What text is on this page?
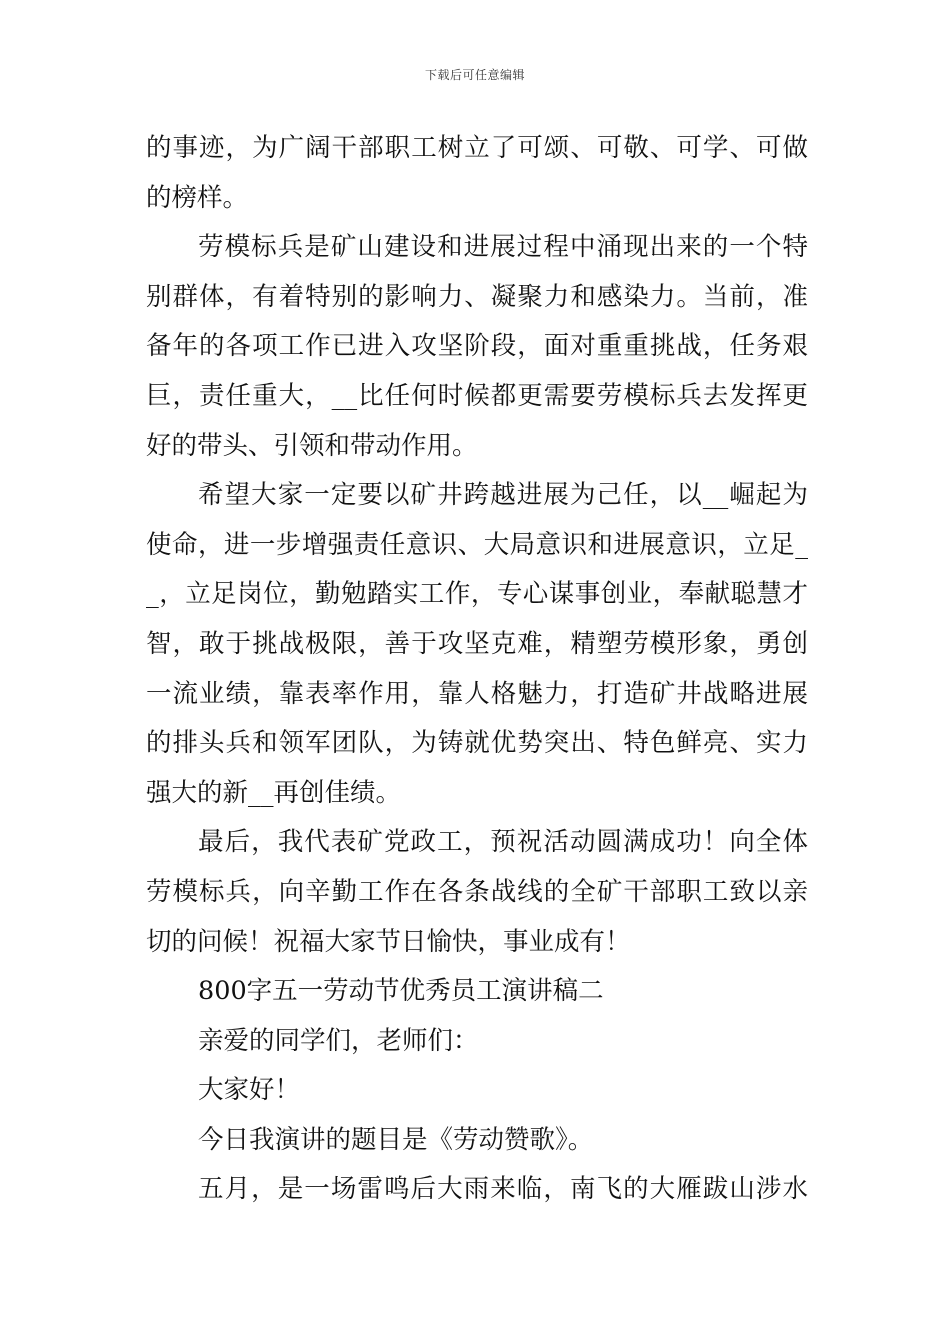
下载后可任意编辑
的事迹，为广阔干部职工树立了可颂、可敬、可学、可做
的榜样。
劳模标兵是矿山建设和进展过程中涌现出来的一个特
别群体，有着特别的影响力、凝聚力和感染力。当前，准
备年的各项工作已进入攻坚阶段，面对重重挑战，任务艰
巨，责任重大，__比任何时候都更需要劳模标兵去发挥更
好的带头、引领和带动作用。
希望大家一定要以矿井跨越进展为己任，以__崛起为
使命，进一步增强责任意识、大局意识和进展意识，立足_
_，立足岗位，勤勉踏实工作，专心谋事创业，奉献聪慧才
智，敢于挑战极限，善于攻坚克难，精塑劳模形象，勇创
一流业绩，靠表率作用，靠人格魅力，打造矿井战略进展
的排头兵和领军团队，为铸就优势突出、特色鲜亮、实力
强大的新__再创佳绩。
最后，我代表矿党政工，预祝活动圆满成功！向全体
劳模标兵，向辛勤工作在各条战线的全矿干部职工致以亲
切的问候！祝福大家节日愉快，事业成有！
800字五一劳动节优秀员工演讲稿二
亲爱的同学们，老师们：
大家好！
今日我演讲的题目是《劳动赞歌》。
五月，是一场雷鸣后大雨来临，南飞的大雁跋山涉水
